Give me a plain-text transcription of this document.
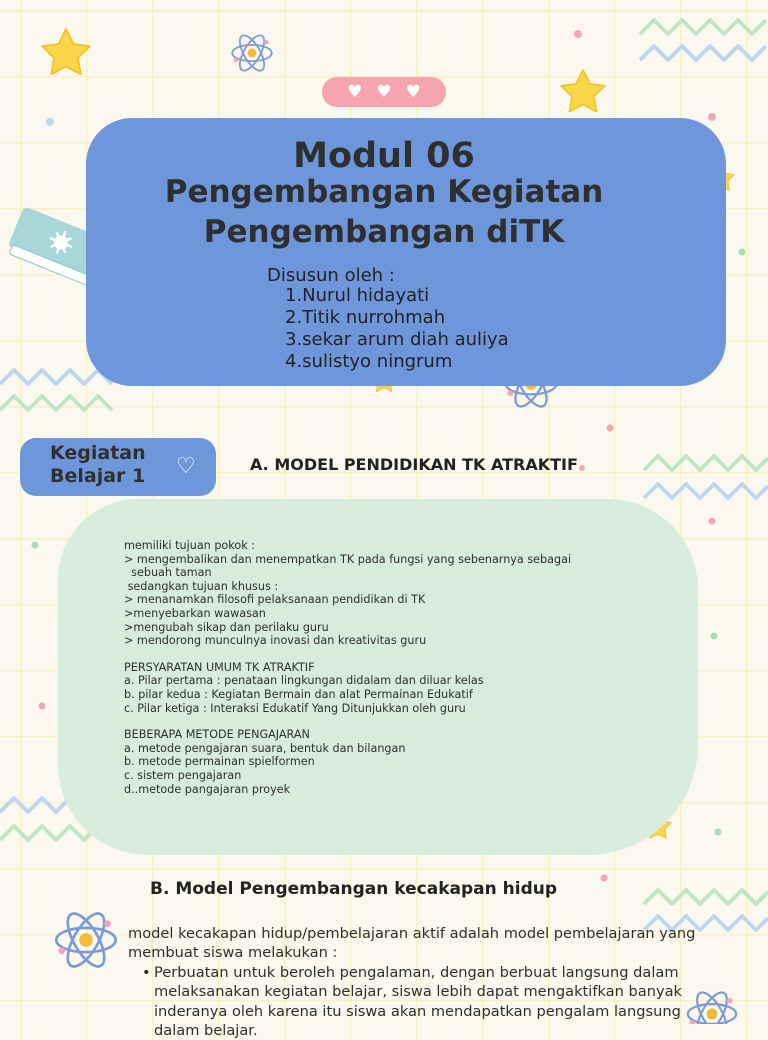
♥♥♥
Modul 06
Pengembangan Kegiatan
Pengembangan diTK
Disusun oleh :
1.Nurul hidayati
2.Titik nurrohmah
3.sekar arum diah auliya
4.sulistyo ningrum
Kegiatan
Belajar 1 ♡	A. MODEL PENDIDIKAN TK ATRAKTIF
memiliki tujuan pokok :
> mengembalikan dan menempatkan TK pada fungsi yang sebenarnya sebagai
sebuah taman
sedangkan tujuan khusus :
> menanamkan filosofi pelaksanaan pendidikan di TK
>menyebarkan wawasan
>mengubah sikap dan perilaku guru
> mendorong munculnya inovasi dan kreativitas guru
PERSYARATAN UMUM TK ATRAKTIF
a. Pilar pertama : penataan lingkungan didalam dan diluar kelas
b. pilar kedua : Kegiatan Bermain dan alat Permainan Edukatif
c. Pilar ketiga : Interaksi Edukatif Yang Ditunjukkan oleh guru
BEBERAPA METODE PENGAJARAN
a. metode pengajaran suara, bentuk dan bilangan
b. metode permainan spielformen
c. sistem pengajaran
d..metode pangajaran proyek
B. Model Pengembangan kecakapan hidup
model kecakapan hidup/pembelajaran aktif adalah model pembelajaran yang membuat siswa melakukan :
• Perbuatan untuk beroleh pengalaman, dengan berbuat langsung dalam melaksanakan kegiatan belajar, siswa lebih dapat mengaktifkan banyak inderanya oleh karena itu siswa akan mendapatkan pengalam langsung dalam belajar.
